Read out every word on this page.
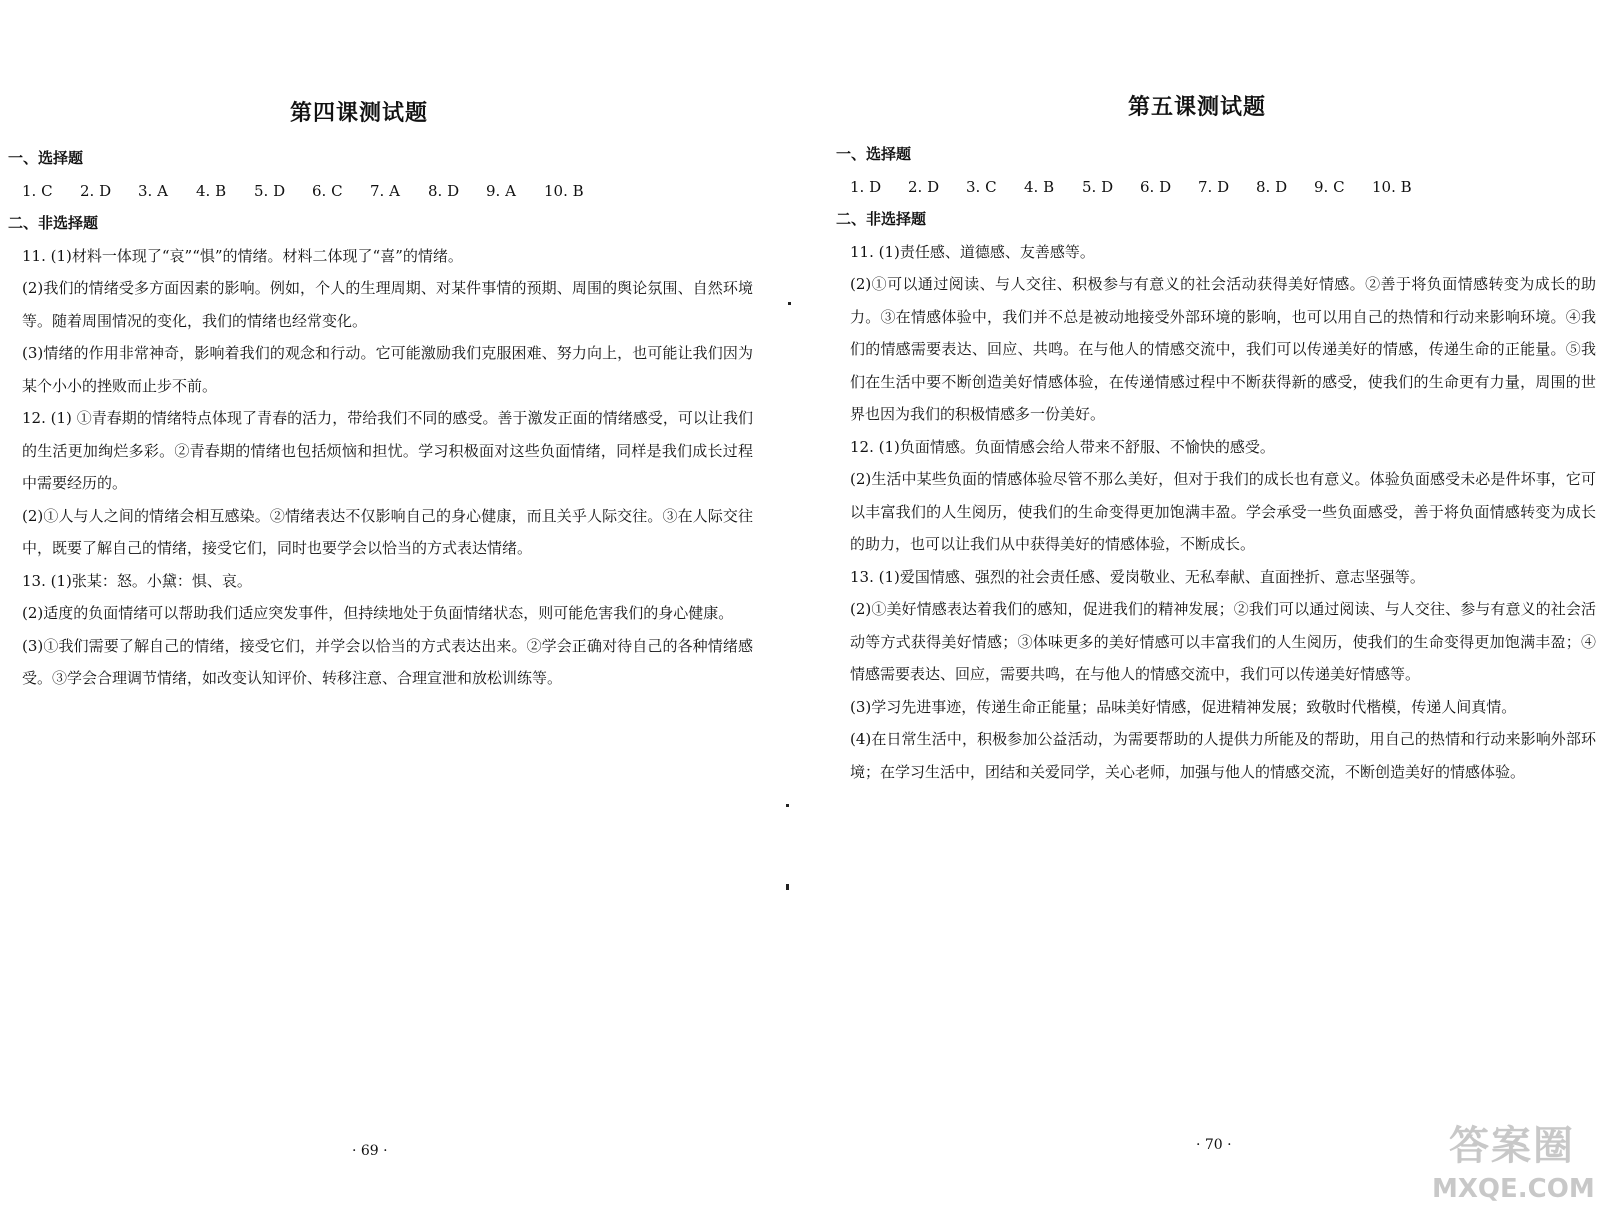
第四课测试题

一、选择题

1. C 2. D 3. A 4. B 5. D 6. C 7. A 8. D 9. A 10. B

二、非选择题

11. (1)材料一体现了“哀”“惧”的情绪。材料二体现了“喜”的情绪。

(2)我们的情绪受多方面因素的影响。例如，个人的生理周期、对某件事情的预期、周围的舆论氛围、自然环境等。随着周围情况的变化，我们的情绪也经常变化。

(3)情绪的作用非常神奇，影响着我们的观念和行动。它可能激励我们克服困难、努力向上，也可能让我们因为某个小小的挫败而止步不前。

12. (1) ①青春期的情绪特点体现了青春的活力，带给我们不同的感受。善于激发正面的情绪感受，可以让我们的生活更加绚烂多彩。②青春期的情绪也包括烦恼和担忧。学习积极面对这些负面情绪，同样是我们成长过程中需要经历的。

(2)①人与人之间的情绪会相互感染。②情绪表达不仅影响自己的身心健康，而且关乎人际交往。③在人际交往中，既要了解自己的情绪，接受它们，同时也要学会以恰当的方式表达情绪。

13. (1)张某：怒。小黛：惧、哀。

(2)适度的负面情绪可以帮助我们适应突发事件，但持续地处于负面情绪状态，则可能危害我们的身心健康。

(3)①我们需要了解自己的情绪，接受它们，并学会以恰当的方式表达出来。②学会正确对待自己的各种情绪感受。③学会合理调节情绪，如改变认知评价、转移注意、合理宣泄和放松训练等。

· 69 ·
第五课测试题

一、选择题

1. D 2. D 3. C 4. B 5. D 6. D 7. D 8. D 9. C 10. B

二、非选择题

11. (1)责任感、道德感、友善感等。

(2)①可以通过阅读、与人交往、积极参与有意义的社会活动获得美好情感。②善于将负面情感转变为成长的助力。③在情感体验中，我们并不总是被动地接受外部环境的影响，也可以用自己的热情和行动来影响环境。④我们的情感需要表达、回应、共鸣。在与他人的情感交流中，我们可以传递美好的情感，传递生命的正能量。⑤我们在生活中要不断创造美好情感体验，在传递情感过程中不断获得新的感受，使我们的生命更有力量，周围的世界也因为我们的积极情感多一份美好。

12. (1)负面情感。负面情感会给人带来不舒服、不愉快的感受。

(2)生活中某些负面的情感体验尽管不那么美好，但对于我们的成长也有意义。体验负面感受未必是件坏事，它可以丰富我们的人生阅历，使我们的生命变得更加饱满丰盈。学会承受一些负面感受，善于将负面情感转变为成长的助力，也可以让我们从中获得美好的情感体验，不断成长。

13. (1)爱国情感、强烈的社会责任感、爱岗敬业、无私奉献、直面挫折、意志坚强等。

(2)①美好情感表达着我们的感知，促进我们的精神发展；②我们可以通过阅读、与人交往、参与有意义的社会活动等方式获得美好情感；③体味更多的美好情感可以丰富我们的人生阅历，使我们的生命变得更加饱满丰盈；④情感需要表达、回应，需要共鸣，在与他人的情感交流中，我们可以传递美好情感等。

(3)学习先进事迹，传递生命正能量；品味美好情感，促进精神发展；致敬时代楷模，传递人间真情。

(4)在日常生活中，积极参加公益活动，为需要帮助的人提供力所能及的帮助，用自己的热情和行动来影响外部环境；在学习生活中，团结和关爱同学，关心老师，加强与他人的情感交流，不断创造美好的情感体验。

· 70 ·	答案圈
MXQE.COM
